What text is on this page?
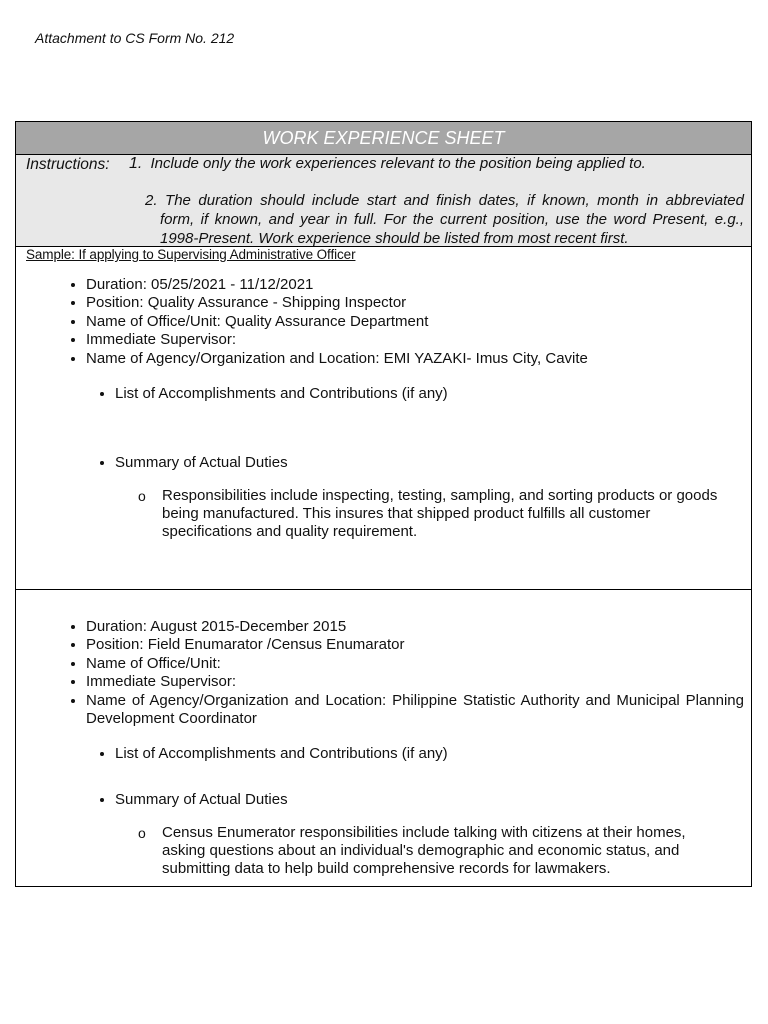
Attachment to CS Form No. 212
WORK EXPERIENCE SHEET
Instructions: 1. Include only the work experiences relevant to the position being applied to.
2. The duration should include start and finish dates, if known, month in abbreviated
form, if known, and year in full. For the current position, use the word Present, e.g., 1998-Present. Work experience should be listed from most recent first.
Sample: If applying to Supervising Administrative Officer
• Duration: 05/25/2021 - 11/12/2021
• Position: Quality Assurance - Shipping Inspector
• Name of Office/Unit: Quality Assurance Department
• Immediate Supervisor:
• Name of Agency/Organization and Location: EMI YAZAKI- Imus City, Cavite
• List of Accomplishments and Contributions (if any)
• Summary of Actual Duties
o Responsibilities include inspecting, testing, sampling, and sorting products or goods being manufactured. This insures that shipped product fulfills all customer specifications and quality requirement.
• Duration: August 2015-December 2015
• Position: Field Enumarator /Census Enumarator
• Name of Office/Unit:
• Immediate Supervisor:
• Name of Agency/Organization and Location: Philippine Statistic Authority and Municipal Planning Development Coordinator
• List of Accomplishments and Contributions (if any)
• Summary of Actual Duties
o Census Enumerator responsibilities include talking with citizens at their homes, asking questions about an individual's demographic and economic status, and submitting data to help build comprehensive records for lawmakers.
